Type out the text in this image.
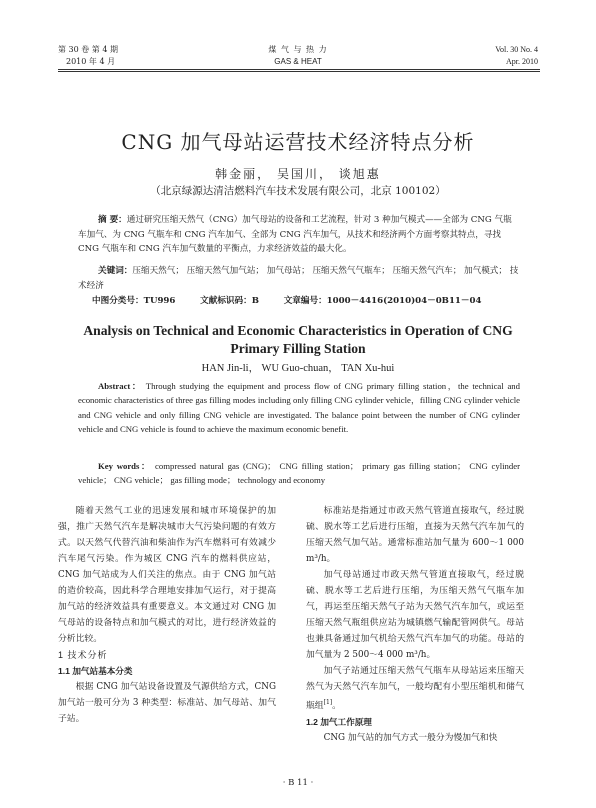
第 30 卷 第 4 期
2010 年 4 月
煤 气 与 热 力
GAS & HEAT
Vol. 30 No. 4
Apr. 2010
CNG 加气母站运营技术经济特点分析
韩金丽， 吴国川， 谈旭惠
（北京绿源达清洁燃料汽车技术发展有限公司，北京 100102）
摘 要：通过研究压缩天然气（CNG）加气母站的设备和工艺流程，针对 3 种加气模式——全部为 CNG 气瓶车加气、为 CNG 气瓶车和 CNG 汽车加气、全部为 CNG 汽车加气，从技术和经济两个方面考察其特点，寻找 CNG 气瓶车和 CNG 汽车加气数量的平衡点，力求经济效益的最大化。
关键词：压缩天然气； 压缩天然气加气站； 加气母站； 压缩天然气气瓶车； 压缩天然气汽车； 加气模式； 技术经济
中图分类号：TU996	文献标识码：B	文章编号：1000－4416(2010)04－0B11－04
Analysis on Technical and Economic Characteristics in Operation of CNG Primary Filling Station
HAN Jin-li， WU Guo-chuan， TAN Xu-hui
Abstract： Through studying the equipment and process flow of CNG primary filling station，the technical and economic characteristics of three gas filling modes including only filling CNG cylinder vehicle，filling CNG cylinder vehicle and CNG vehicle and only filling CNG vehicle are investigated. The balance point between the number of CNG cylinder vehicle and CNG vehicle is found to achieve the maximum economic benefit.
Key words： compressed natural gas (CNG)； CNG filling station； primary gas filling station； CNG cylinder vehicle； CNG vehicle； gas filling mode； technology and economy

随着天然气工业的迅速发展和城市环境保护的加强，推广天然气汽车是解决城市大气污染问题的有效方式。以天然气代替汽油和柴油作为汽车燃料可有效减少汽车尾气污染。作为城区 CNG 汽车的燃料供应站，CNG 加气站成为人们关注的焦点。由于 CNG 加气站的造价较高，因此科学合理地安排加气运行，对于提高加气站的经济效益具有重要意义。本文通过对 CNG 加气母站的设备特点和加气模式的对比，进行经济效益的分析比较。

1 技术分析

1.1 加气站基本分类

根据 CNG 加气站设备设置及气源供给方式，CNG 加气站一般可分为 3 种类型：标准站、加气母站、加气子站。

标准站是指通过市政天然气管道直接取气，经过脱硫、脱水等工艺后进行压缩，直接为天然气汽车加气的压缩天然气加气站。通常标准站加气量为 600～1 000 m³/h。

加气母站通过市政天然气管道直接取气，经过脱硫、脱水等工艺后进行压缩，为压缩天然气气瓶车加气，再运至压缩天然气子站为天然气汽车加气，或运至压缩天然气瓶组供应站为城镇燃气输配管网供气。母站也兼具备通过加气机给天然气汽车加气的功能。母站的加气量为 2 500～4 000 m³/h。

加气子站通过压缩天然气气瓶车从母站运来压缩天然气为天然气汽车加气，一般均配有小型压缩机和储气瓶组[1]。

1.2 加气工作原理

CNG 加气站的加气方式一般分为慢加气和快

· B 11 ·
